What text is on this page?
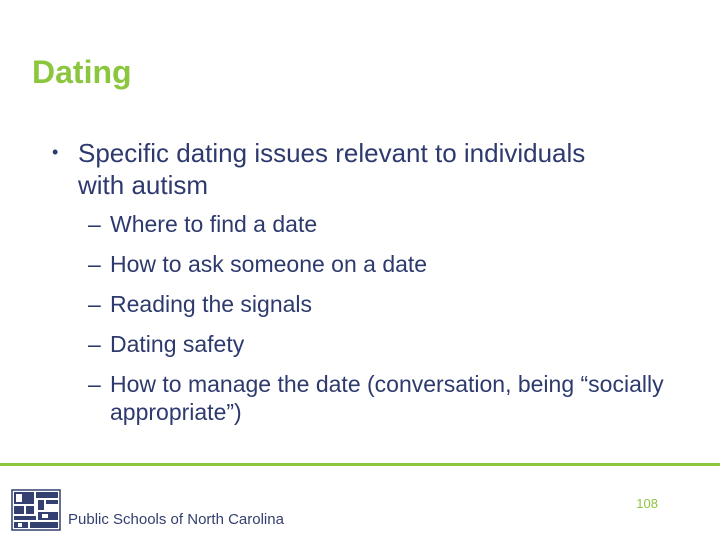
Dating
• Specific dating issues relevant to individuals
with autism
– Where to find a date
– How to ask someone on a date
– Reading the signals
– Dating safety
– How to manage the date (conversation, being “socially appropriate”)
Public Schools of North Carolina
108
